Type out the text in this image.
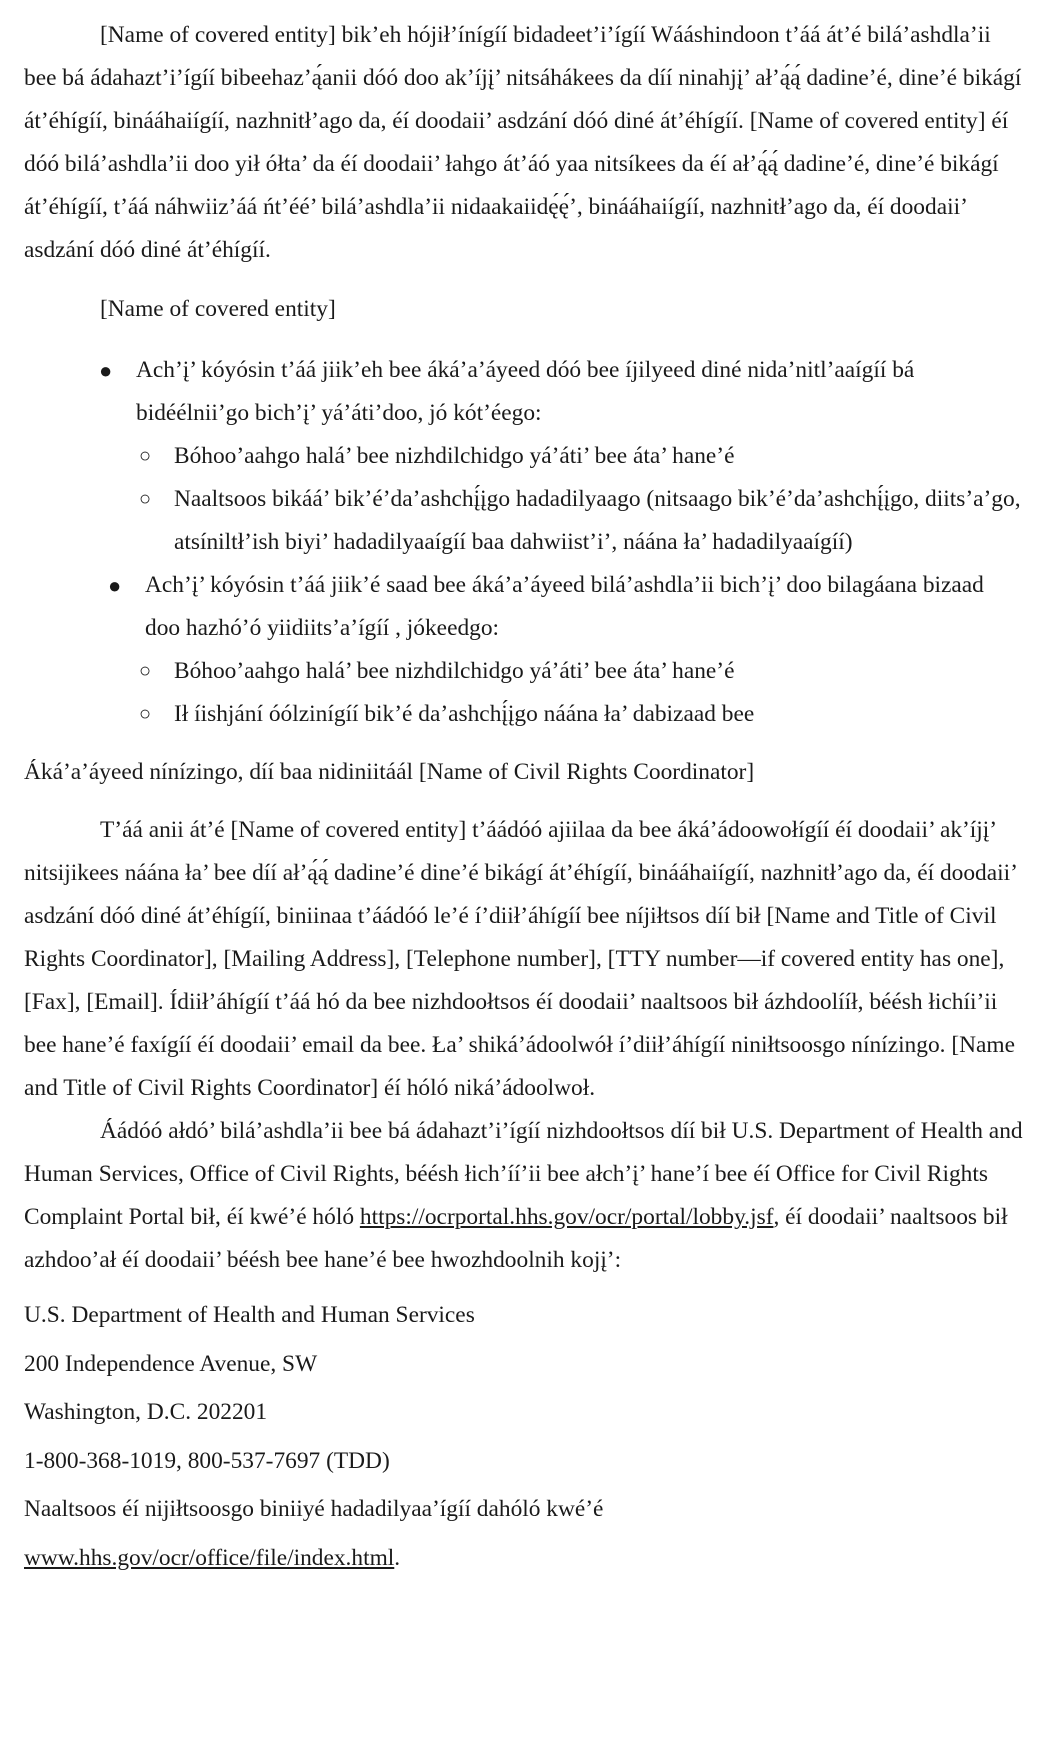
[Name of covered entity] bik’eh hójiłʼínígíí bidadeet’i’ígíí Wááshindoon t’áá át’é bilá’ashdla’ii bee bá ádahazt’i’ígíí bibeehaz’ą́anii dóó doo ak’íjį’ nitsáhákees da díí ninahjį’ ał’ą́ą́ dadine’é, dine’é bikágí át’éhígíí, binááhaiígíí, nazhnitł’ago da, éí doodaii’ asdzání dóó diné át’éhígíí. [Name of covered entity] éí dóó bilá’ashdla’ii doo yił ółta’ da éí doodaii’ łahgo át’áó yaa nitsíkees da éí ał’ą́ą́ dadine’é, dine’é bikágí át’éhígíí, t’áá náhwiiz’áá ńt’éé’ bilá’ashdla’ii nidaakaiidę́ę́’, binááhaiígíí, nazhnitł’ago da, éí doodaii’ asdzání dóó diné át’éhígíí.

[Name of covered entity]

● Ach’į’ kóyósin t’áá jiik’eh bee áká’a’áyeed dóó bee íjilyeed diné nida’nitl’aaígíí bá bidéélnii’go bich’į’ yá’áti’doo, jó kót’éego:
○ Bóhoo’aahgo halá’ bee nizhdilchidgo yá’áti’ bee áta’ hane’é
○ Naaltsoos bikáá’ bik’é’da’ashchį́įgo hadadilyaago (nitsaago bik’é’da’ashchį́įgo, diits’a’go, atsíniltł’ish biyi’ hadadilyaaígíí baa dahwiist’i’, náána ła’ hadadilyaaígíí)
● Ach’į’ kóyósin t’áá jiik’é saad bee áká’a’áyeed bilá’ashdla’ii bich’į’ doo bilagáana bizaad doo hazhó’ó yiidiits’a’ígíí , jókeedgo:
○ Bóhoo’aahgo halá’ bee nizhdilchidgo yá’áti’ bee áta’ hane’é
○ Ił íishjání óólzinígíí bik’é da’ashchį́įgo náána ła’ dabizaad bee

Áká’a’áyeed nínízingo, díí baa nidiniitáál [Name of Civil Rights Coordinator]

T’áá anii át’é [Name of covered entity] t’áádóó ajiilaa da bee áká’ádoowołígíí éí doodaii’ ak’íjį’ nitsijikees náána ła’ bee díí ał’ą́ą́ dadine’é dine’é bikágí át’éhígíí, binááhaiígíí, nazhnitł’ago da, éí doodaii’ asdzání dóó diné át’éhígíí, biniinaa t’áádóó le’é í’diił’áhígíí bee níjiłtsos díí bił [Name and Title of Civil Rights Coordinator], [Mailing Address], [Telephone number], [TTY number—if covered entity has one], [Fax], [Email]. Ídiił’áhígíí t’áá hó da bee nizhdoołtsos éí doodaii’ naaltsoos bił ázhdoolííł, béésh łichíi’ii bee hane’é faxígíí éí doodaii’ email da bee. Ła’ shiká’ádoolwół í’diił’áhígíí niniłtsoosgo nínízingo. [Name and Title of Civil Rights Coordinator] éí hóló niká’ádoolwoł.

Áádóó ałdó’ bilá’ashdla’ii bee bá ádahazt’i’ígíí nizhdoołtsos díí bił U.S. Department of Health and Human Services, Office of Civil Rights, béésh łich’íí’ii bee ałch’į’ hane’í bee éí Office for Civil Rights Complaint Portal bił, éí kwé’é hóló https://ocrportal.hhs.gov/ocr/portal/lobby.jsf, éí doodaii’ naaltsoos bił azhdoo’ał éí doodaii’ béésh bee hane’é bee hwozhdoolnih kojį’:

U.S. Department of Health and Human Services

200 Independence Avenue, SW

Washington, D.C. 202201

1-800-368-1019, 800-537-7697 (TDD)

Naaltsoos éí nijiłtsoosgo biniiyé hadadilyaa’ígíí dahóló kwé’é

www.hhs.gov/ocr/office/file/index.html.
